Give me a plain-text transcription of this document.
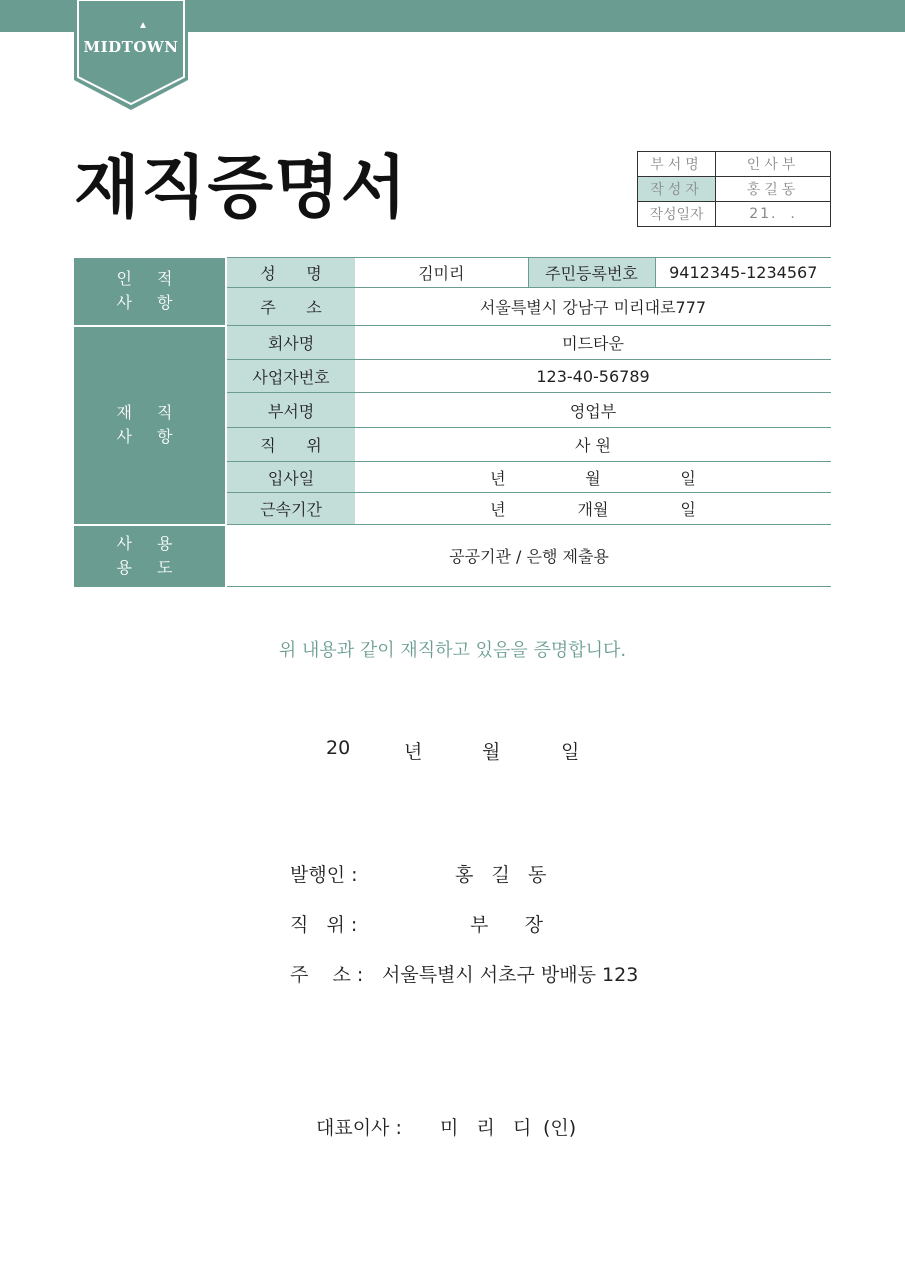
MIDTOWN
재직증명서	부서명	인사부
작성자	홍길동
작성일자	21.  .
인 적
사 항	성      명	김미리	주민등록번호	9412345-1234567
	주      소	서울특별시 강남구 미리대로777		

재 직
사 항	회사명	미드타운		
	사업자번호	123-40-56789		
	부서명	영업부		
	직      위	사 원		
	입사일	년 월 일		
	근속기간	년 개월 일		

사 용
용 도	공공기관 / 은행 제출용			
위 내용과 같이 재직하고 있음을 증명합니다.
20	년	월	일
발행인 :	홍   길   동
직   위 :	부      장
주    소 : 서울특별시 서초구 방배동 123
대표이사 : 미   리   디 (인)
